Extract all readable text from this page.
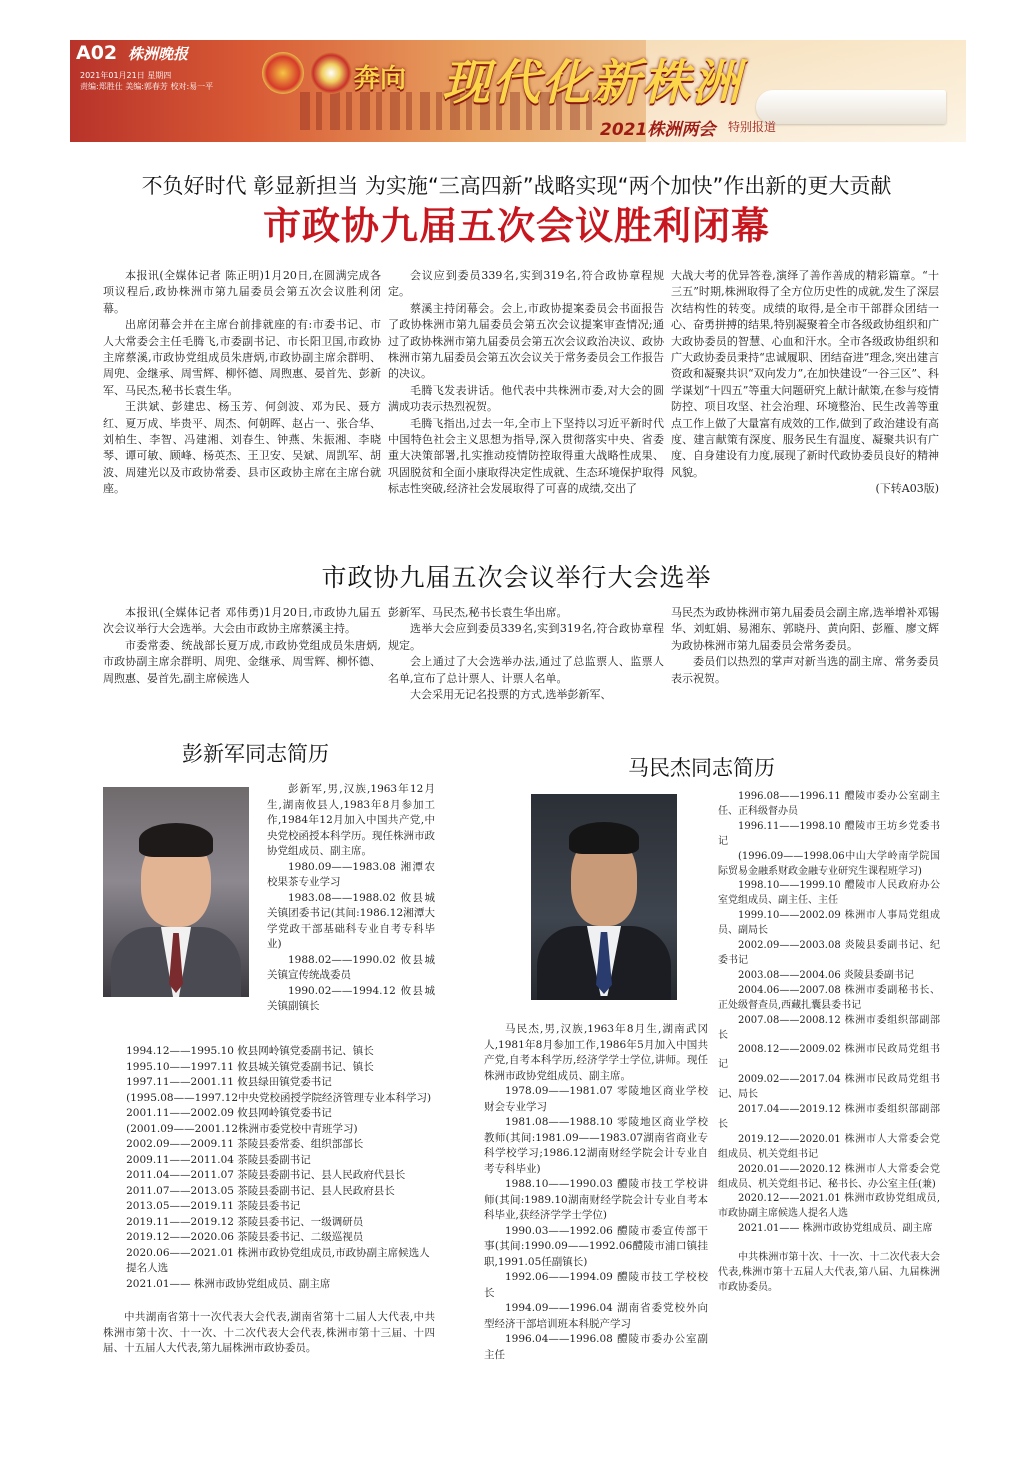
A02 株洲晚报
2021年01月21日 星期四
责编:郑胜仕 美编:郭春芳 校对:易一平	奔向 现代化新株洲
2021株洲两会 特别报道
不负好时代 彰显新担当 为实施“三高四新”战略实现“两个加快”作出新的更大贡献
市政协九届五次会议胜利闭幕

本报讯(全媒体记者 陈正明)1月20日,在圆满完成各项议程后,政协株洲市第九届委员会第五次会议胜利闭幕。

出席闭幕会并在主席台前排就座的有:市委书记、市人大常委会主任毛腾飞,市委副书记、市长阳卫国,市政协主席蔡溪,市政协党组成员朱唐炳,市政协副主席余群明、周兜、金继承、周雪辉、柳怀德、周煦惠、晏首先、彭新军、马民杰,秘书长袁生华。

王洪斌、彭建忠、杨玉芳、何剑波、邓为民、聂方红、夏万成、毕贵平、周杰、何朝晖、赵占一、张合华、刘柏生、李智、冯建湘、刘春生、钟燕、朱振湘、李晓琴、谭可敏、顾峰、杨英杰、王卫安、吴斌、周凯军、胡波、周建光以及市政协常委、县市区政协主席在主席台就座。

会议应到委员339名,实到319名,符合政协章程规定。

蔡溪主持闭幕会。会上,市政协提案委员会书面报告了政协株洲市第九届委员会第五次会议提案审查情况;通过了政协株洲市第九届委员会第五次会议政治决议、政协株洲市第九届委员会第五次会议关于常务委员会工作报告的决议。

毛腾飞发表讲话。他代表中共株洲市委,对大会的圆满成功表示热烈祝贺。

毛腾飞指出,过去一年,全市上下坚持以习近平新时代中国特色社会主义思想为指导,深入贯彻落实中央、省委重大决策部署,扎实推动疫情防控取得重大战略性成果、巩固脱贫和全面小康取得决定性成就、生态环境保护取得标志性突破,经济社会发展取得了可喜的成绩,交出了

大战大考的优异答卷,演绎了善作善成的精彩篇章。“十三五”时期,株洲取得了全方位历史性的成就,发生了深层次结构性的转变。成绩的取得,是全市干部群众团结一心、奋勇拼搏的结果,特别凝聚着全市各级政协组织和广大政协委员的智慧、心血和汗水。全市各级政协组织和广大政协委员秉持“忠诚履职、团结奋进”理念,突出建言资政和凝聚共识“双向发力”,在加快建设“一谷三区”、科学谋划“十四五”等重大问题研究上献计献策,在参与疫情防控、项目攻坚、社会治理、环境整治、民生改善等重点工作上做了大量富有成效的工作,做到了政治建设有高度、建言献策有深度、服务民生有温度、凝聚共识有广度、自身建设有力度,展现了新时代政协委员良好的精神风貌。

(下转A03版)

市政协九届五次会议举行大会选举

本报讯(全媒体记者 邓伟勇)1月20日,市政协九届五次会议举行大会选举。大会由市政协主席蔡溪主持。

市委常委、统战部长夏万成,市政协党组成员朱唐炳,市政协副主席余群明、周兜、金继承、周雪辉、柳怀德、周煦惠、晏首先,副主席候选人

彭新军、马民杰,秘书长袁生华出席。

选举大会应到委员339名,实到319名,符合政协章程规定。

会上通过了大会选举办法,通过了总监票人、监票人名单,宣布了总计票人、计票人名单。

大会采用无记名投票的方式,选举彭新军、

马民杰为政协株洲市第九届委员会副主席,选举增补邓锡华、刘虹娟、易湘东、郭晓丹、黄向阳、彭雁、廖文辉为政协株洲市第九届委员会常务委员。

委员们以热烈的掌声对新当选的副主席、常务委员表示祝贺。

彭新军同志简历

彭新军,男,汉族,1963年12月生,湖南攸县人,1983年8月参加工作,1984年12月加入中国共产党,中央党校函授本科学历。现任株洲市政协党组成员、副主席。

1980.09——1983.08 湘潭农校果茶专业学习

1983.08——1988.02 攸县城关镇团委书记(其间:1986.12湘潭大学党政干部基础科专业自考专科毕业)

1988.02——1990.02 攸县城关镇宣传统战委员

1990.02——1994.12 攸县城关镇副镇长

1994.12——1995.10 攸县网岭镇党委副书记、镇长
1995.10——1997.11 攸县城关镇党委副书记、镇长
1997.11——2001.11 攸县绿田镇党委书记
(1995.08——1997.12中央党校函授学院经济管理专业本科学习)
2001.11——2002.09 攸县网岭镇党委书记
(2001.09——2001.12株洲市委党校中青班学习)
2002.09——2009.11 茶陵县委常委、组织部部长
2009.11——2011.04 茶陵县委副书记
2011.04——2011.07 茶陵县委副书记、县人民政府代县长
2011.07——2013.05 茶陵县委副书记、县人民政府县长
2013.05——2019.11 茶陵县委书记
2019.11——2019.12 茶陵县委书记、一级调研员
2019.12——2020.06 茶陵县委书记、二级巡视员
2020.06——2021.01 株洲市政协党组成员,市政协副主席候选人提名人选
2021.01—— 株洲市政协党组成员、副主席

中共湖南省第十一次代表大会代表,湖南省第十二届人大代表,中共株洲市第十次、十一次、十二次代表大会代表,株洲市第十三届、十四届、十五届人大代表,第九届株洲市政协委员。

马民杰同志简历

马民杰,男,汉族,1963年8月生,湖南武冈人,1981年8月参加工作,1986年5月加入中国共产党,自考本科学历,经济学学士学位,讲师。现任株洲市政协党组成员、副主席。

1978.09——1981.07 零陵地区商业学校财会专业学习

1981.08——1988.10 零陵地区商业学校教师(其间:1981.09——1983.07湖南省商业专科学校学习;1986.12湖南财经学院会计专业自考专科毕业)

1988.10——1990.03 醴陵市技工学校讲师(其间:1989.10湖南财经学院会计专业自考本科毕业,获经济学学士学位)

1990.03——1992.06 醴陵市委宣传部干事(其间:1990.09——1992.06醴陵市浦口镇挂职,1991.05任副镇长)

1992.06——1994.09 醴陵市技工学校校长

1994.09——1996.04 湖南省委党校外向型经济干部培训班本科脱产学习

1996.04——1996.08 醴陵市委办公室副主任

1996.08——1996.11 醴陵市委办公室副主任、正科级督办员

1996.11——1998.10 醴陵市王坊乡党委书记

(1996.09——1998.06中山大学岭南学院国际贸易金融系财政金融专业研究生课程班学习)

1998.10——1999.10 醴陵市人民政府办公室党组成员、副主任、主任

1999.10——2002.09 株洲市人事局党组成员、副局长

2002.09——2003.08 炎陵县委副书记、纪委书记

2003.08——2004.06 炎陵县委副书记

2004.06——2007.08 株洲市委副秘书长、正处级督查员,西藏扎囊县委书记

2007.08——2008.12 株洲市委组织部副部长

2008.12——2009.02 株洲市民政局党组书记

2009.02——2017.04 株洲市民政局党组书记、局长

2017.04——2019.12 株洲市委组织部副部长

2019.12——2020.01 株洲市人大常委会党组成员、机关党组书记

2020.01——2020.12 株洲市人大常委会党组成员、机关党组书记、秘书长、办公室主任(兼)

2020.12——2021.01 株洲市政协党组成员,市政协副主席候选人提名人选

2021.01—— 株洲市政协党组成员、副主席

中共株洲市第十次、十一次、十二次代表大会代表,株洲市第十五届人大代表,第八届、九届株洲市政协委员。
